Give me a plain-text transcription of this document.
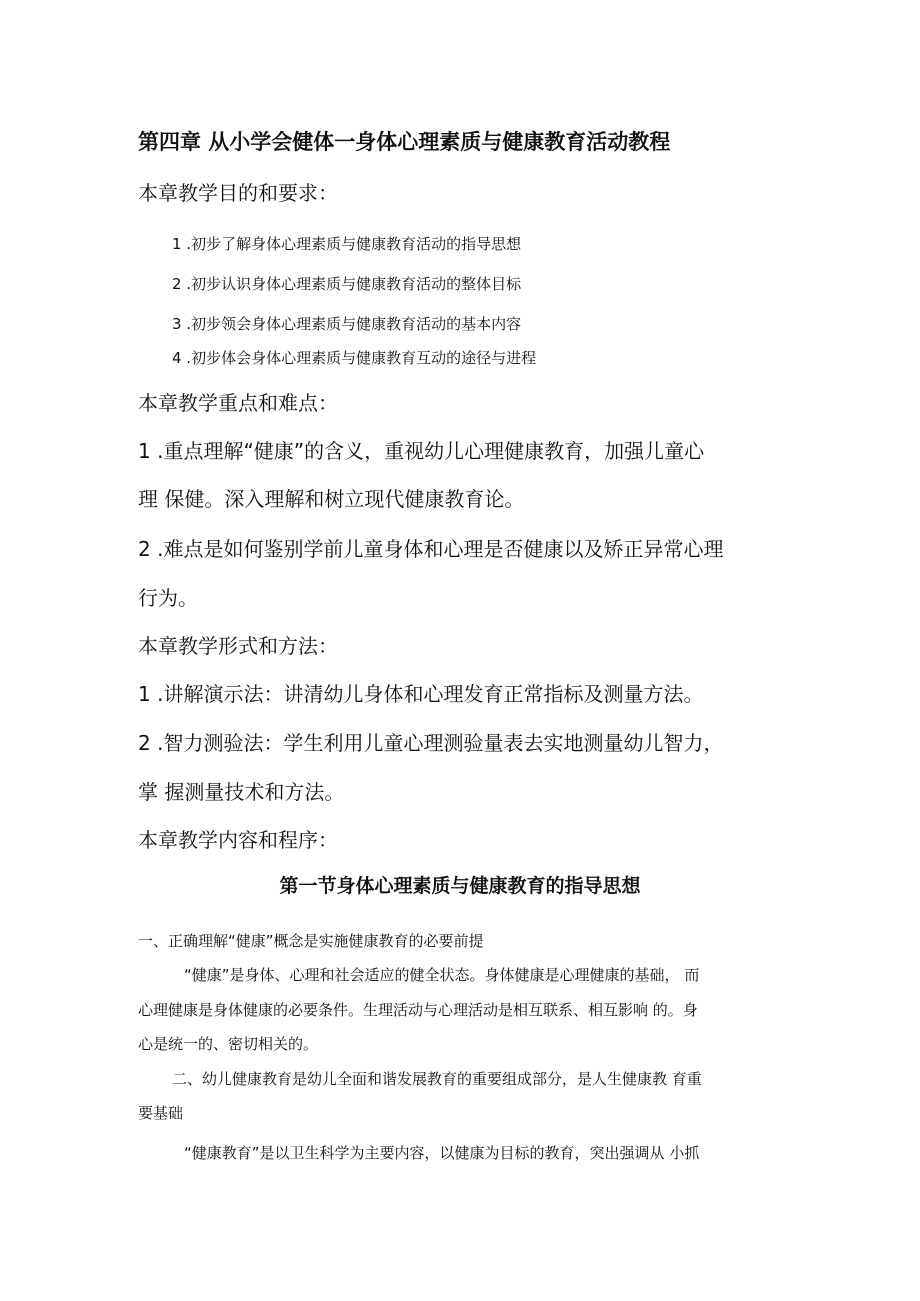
第四章 从小学会健体一身体心理素质与健康教育活动教程
本章教学目的和要求：
1 .初步了解身体心理素质与健康教育活动的指导思想
2 .初步认识身体心理素质与健康教育活动的整体目标
3 .初步领会身体心理素质与健康教育活动的基本内容
4 .初步体会身体心理素质与健康教育互动的途径与进程
本章教学重点和难点：
1 .重点理解“健康”的含义，重视幼儿心理健康教育，加强儿童心
理 保健。深入理解和树立现代健康教育论。
2 .难点是如何鉴别学前儿童身体和心理是否健康以及矫正异常心理
行为。
本章教学形式和方法：
1 .讲解演示法：讲清幼儿身体和心理发育正常指标及测量方法。
2 .智力测验法：学生利用儿童心理测验量表去实地测量幼儿智力，
掌 握测量技术和方法。
本章教学内容和程序：
第一节身体心理素质与健康教育的指导思想
一、正确理解“健康”概念是实施健康教育的必要前提
“健康”是身体、心理和社会适应的健全状态。身体健康是心理健康的基础， 而
心理健康是身体健康的必要条件。生理活动与心理活动是相互联系、相互影响 的。身
心是统一的、密切相关的。
二、幼儿健康教育是幼儿全面和谐发展教育的重要组成部分，是人生健康教 育重
要基础
“健康教育”是以卫生科学为主要内容，以健康为目标的教育，突出强调从 小抓
